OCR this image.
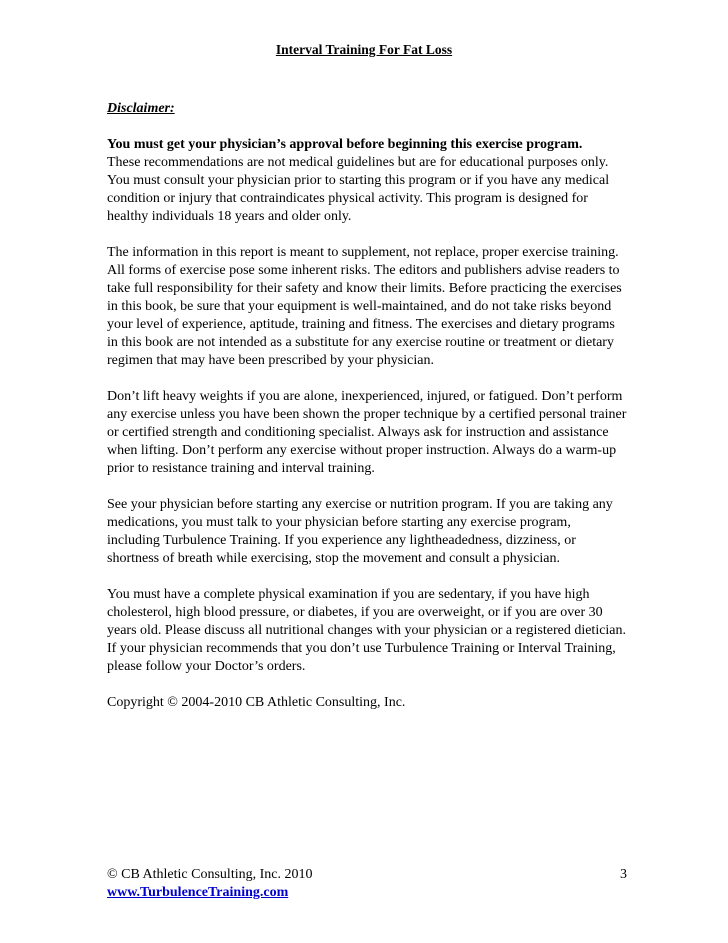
Interval Training For Fat Loss
Disclaimer:
You must get your physician’s approval before beginning this exercise program.
These recommendations are not medical guidelines but are for educational purposes only. You must consult your physician prior to starting this program or if you have any medical condition or injury that contraindicates physical activity. This program is designed for healthy individuals 18 years and older only.
The information in this report is meant to supplement, not replace, proper exercise training. All forms of exercise pose some inherent risks. The editors and publishers advise readers to take full responsibility for their safety and know their limits. Before practicing the exercises in this book, be sure that your equipment is well-maintained, and do not take risks beyond your level of experience, aptitude, training and fitness. The exercises and dietary programs in this book are not intended as a substitute for any exercise routine or treatment or dietary regimen that may have been prescribed by your physician.
Don’t lift heavy weights if you are alone, inexperienced, injured, or fatigued. Don’t perform any exercise unless you have been shown the proper technique by a certified personal trainer or certified strength and conditioning specialist. Always ask for instruction and assistance when lifting. Don’t perform any exercise without proper instruction. Always do a warm-up prior to resistance training and interval training.
See your physician before starting any exercise or nutrition program. If you are taking any medications, you must talk to your physician before starting any exercise program, including Turbulence Training. If you experience any lightheadedness, dizziness, or shortness of breath while exercising, stop the movement and consult a physician.
You must have a complete physical examination if you are sedentary, if you have high cholesterol, high blood pressure, or diabetes, if you are overweight, or if you are over 30 years old. Please discuss all nutritional changes with your physician or a registered dietician. If your physician recommends that you don’t use Turbulence Training or Interval Training, please follow your Doctor’s orders.
Copyright © 2004-2010 CB Athletic Consulting, Inc.
© CB Athletic Consulting, Inc. 2010	3
www.TurbulenceTraining.com
